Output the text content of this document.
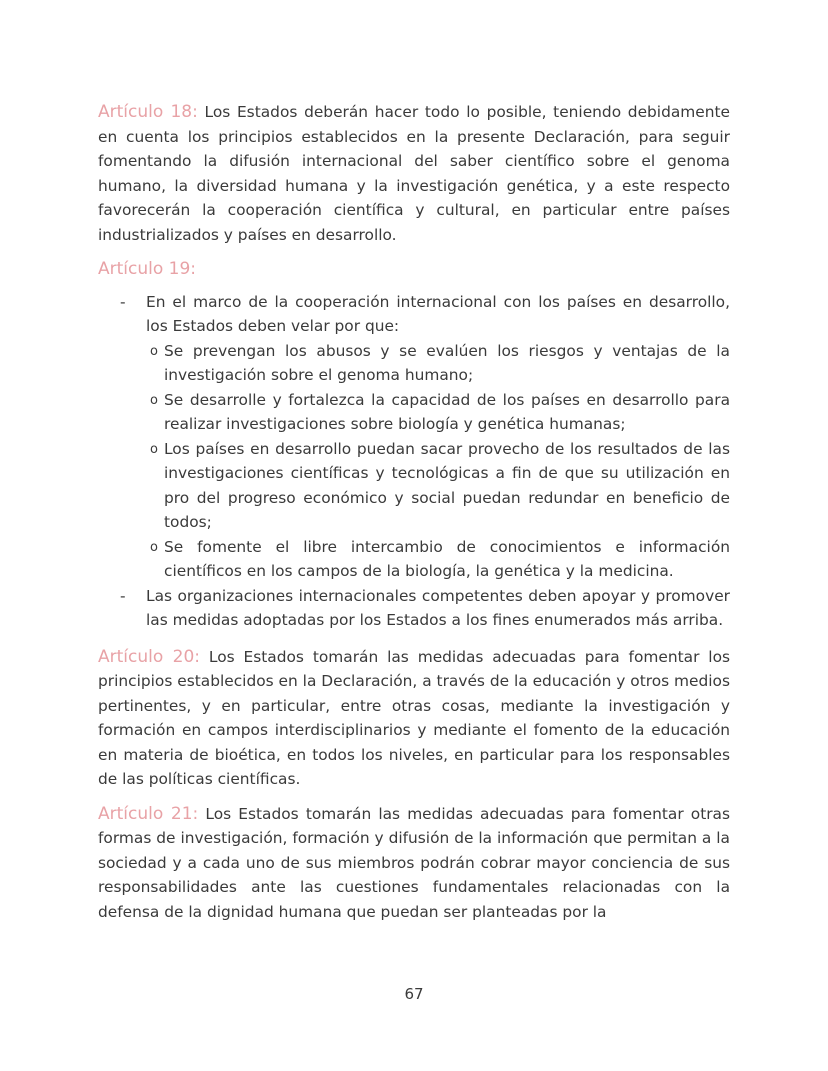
Artículo 18: Los Estados deberán hacer todo lo posible, teniendo debidamente en cuenta los principios establecidos en la presente Declaración, para seguir fomentando la difusión internacional del saber científico sobre el genoma humano, la diversidad humana y la investigación genética, y a este respecto favorecerán la cooperación científica y cultural, en particular entre países industrializados y países en desarrollo.

Artículo 19:

- En el marco de la cooperación internacional con los países en desarrollo, los Estados deben velar por que:

o Se prevengan los abusos y se evalúen los riesgos y ventajas de la investigación sobre el genoma humano;

o Se desarrolle y fortalezca la capacidad de los países en desarrollo para realizar investigaciones sobre biología y genética humanas;

o Los países en desarrollo puedan sacar provecho de los resultados de las investigaciones científicas y tecnológicas a fin de que su utilización en pro del progreso económico y social puedan redundar en beneficio de todos;

o Se fomente el libre intercambio de conocimientos e información científicos en los campos de la biología, la genética y la medicina.

- Las organizaciones internacionales competentes deben apoyar y promover las medidas adoptadas por los Estados a los fines enumerados más arriba.

Artículo 20: Los Estados tomarán las medidas adecuadas para fomentar los principios establecidos en la Declaración, a través de la educación y otros medios pertinentes, y en particular, entre otras cosas, mediante la investigación y formación en campos interdisciplinarios y mediante el fomento de la educación en materia de bioética, en todos los niveles, en particular para los responsables de las políticas científicas.

Artículo 21: Los Estados tomarán las medidas adecuadas para fomentar otras formas de investigación, formación y difusión de la información que permitan a la sociedad y a cada uno de sus miembros podrán cobrar mayor conciencia de sus responsabilidades ante las cuestiones fundamentales relacionadas con la defensa de la dignidad humana que puedan ser planteadas por la

67
